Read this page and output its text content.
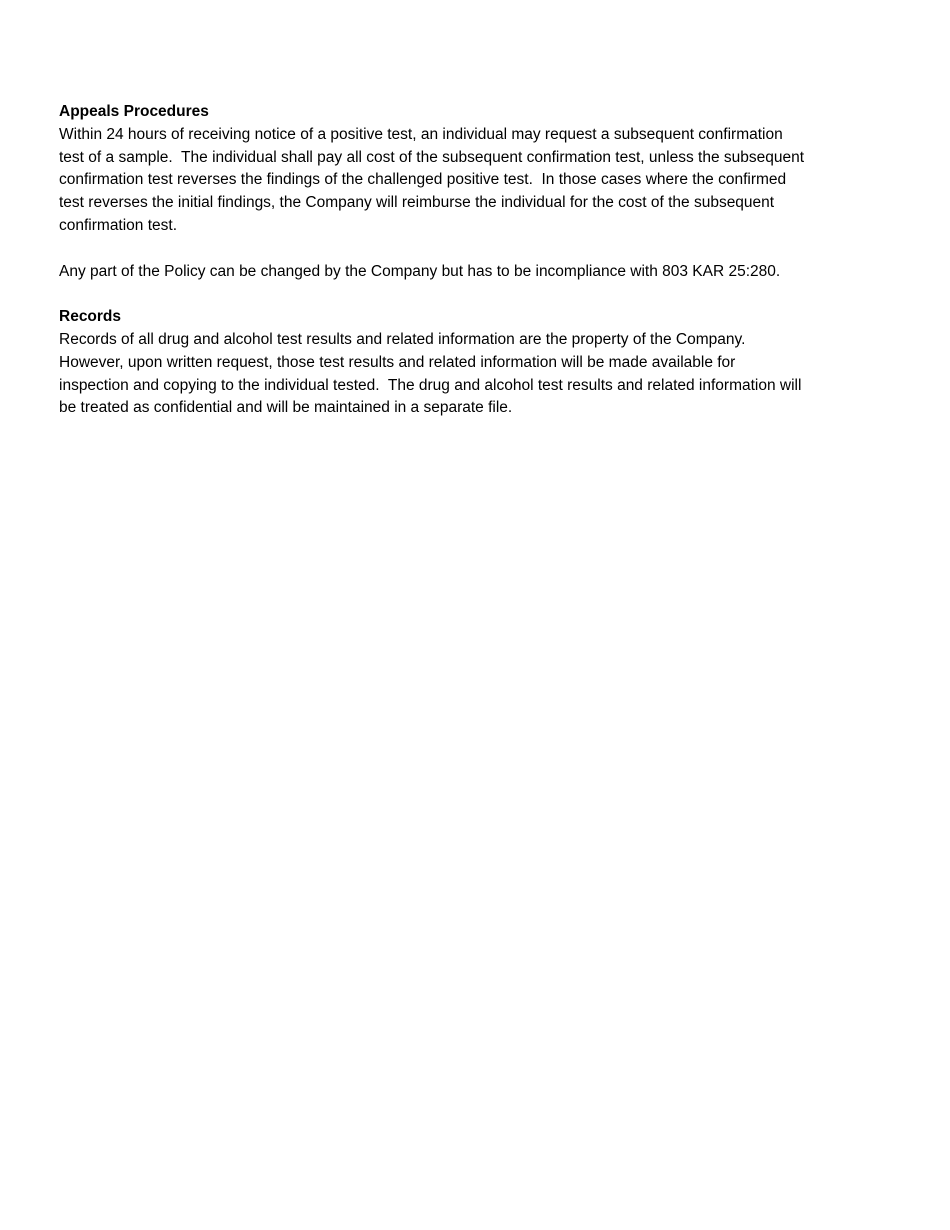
Appeals Procedures
Within 24 hours of receiving notice of a positive test, an individual may request a subsequent confirmation
test of a sample.  The individual shall pay all cost of the subsequent confirmation test, unless the subsequent
confirmation test reverses the findings of the challenged positive test.  In those cases where the confirmed
test reverses the initial findings, the Company will reimburse the individual for the cost of the subsequent
confirmation test.
Any part of the Policy can be changed by the Company but has to be incompliance with 803 KAR 25:280.
Records
Records of all drug and alcohol test results and related information are the property of the Company.
However, upon written request, those test results and related information will be made available for
inspection and copying to the individual tested.  The drug and alcohol test results and related information will
be treated as confidential and will be maintained in a separate file.
